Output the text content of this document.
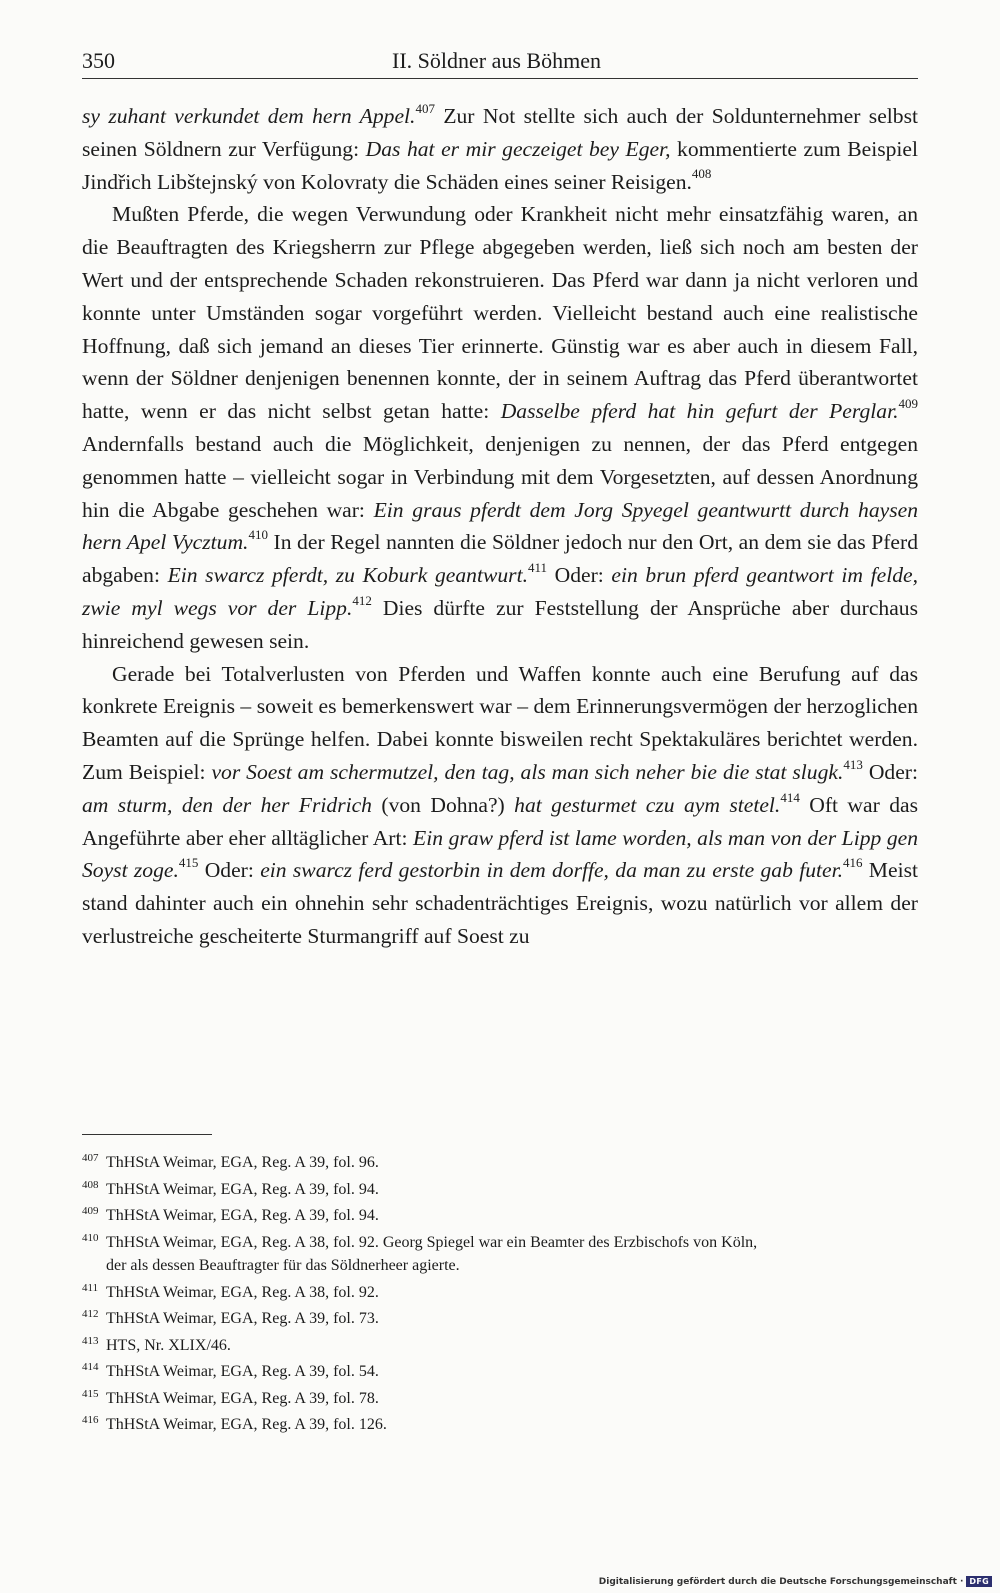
350	II. Söldner aus Böhmen

sy zuhant verkundet dem hern Appel.$^{407}$ Zur Not stellte sich auch der Soldunternehmer selbst seinen Söldnern zur Verfügung: Das hat er mir geczeiget bey Eger, kommentierte zum Beispiel Jindřich Libštejnský von Kolovraty die Schäden eines seiner Reisigen.$^{408}$

Mußten Pferde, die wegen Verwundung oder Krankheit nicht mehr einsatzfähig waren, an die Beauftragten des Kriegsherrn zur Pflege abgegeben werden, ließ sich noch am besten der Wert und der entsprechende Schaden rekonstruieren. Das Pferd war dann ja nicht verloren und konnte unter Umständen sogar vorgeführt werden. Vielleicht bestand auch eine realistische Hoffnung, daß sich jemand an dieses Tier erinnerte. Günstig war es aber auch in diesem Fall, wenn der Söldner denjenigen benennen konnte, der in seinem Auftrag das Pferd überantwortet hatte, wenn er das nicht selbst getan hatte: Dasselbe pferd hat hin gefurt der Perglar.$^{409}$ Andernfalls bestand auch die Möglichkeit, denjenigen zu nennen, der das Pferd entgegen genommen hatte – vielleicht sogar in Verbindung mit dem Vorgesetzten, auf dessen Anordnung hin die Abgabe geschehen war: Ein graus pferdt dem Jorg Spyegel geantwurtt durch haysen hern Apel Vycztum.$^{410}$ In der Regel nannten die Söldner jedoch nur den Ort, an dem sie das Pferd abgaben: Ein swarcz pferdt, zu Koburk geantwurt.$^{411}$ Oder: ein brun pferd geantwort im felde, zwie myl wegs vor der Lipp.$^{412}$ Dies dürfte zur Feststellung der Ansprüche aber durchaus hinreichend gewesen sein.

Gerade bei Totalverlusten von Pferden und Waffen konnte auch eine Berufung auf das konkrete Ereignis – soweit es bemerkenswert war – dem Erinnerungsvermögen der herzoglichen Beamten auf die Sprünge helfen. Dabei konnte bisweilen recht Spektakuläres berichtet werden. Zum Beispiel: vor Soest am schermutzel, den tag, als man sich neher bie die stat slugk.$^{413}$ Oder: am sturm, den der her Fridrich (von Dohna?) hat gesturmet czu aym stetel.$^{414}$ Oft war das Angeführte aber eher alltäglicher Art: Ein graw pferd ist lame worden, als man von der Lipp gen Soyst zoge.$^{415}$ Oder: ein swarcz ferd gestorbin in dem dorffe, da man zu erste gab futer.$^{416}$ Meist stand dahinter auch ein ohnehin sehr schadenträchtiges Ereignis, wozu natürlich vor allem der verlustreiche gescheiterte Sturmangriff auf Soest zu

407 ThHStA Weimar, EGA, Reg. A 39, fol. 96.
408 ThHStA Weimar, EGA, Reg. A 39, fol. 94.
409 ThHStA Weimar, EGA, Reg. A 39, fol. 94.
410 ThHStA Weimar, EGA, Reg. A 38, fol. 92. Georg Spiegel war ein Beamter des Erzbischofs von Köln,
der als dessen Beauftragter für das Söldnerheer agierte.
411 ThHStA Weimar, EGA, Reg. A 38, fol. 92.
412 ThHStA Weimar, EGA, Reg. A 39, fol. 73.
413 HTS, Nr. XLIX/46.
414 ThHStA Weimar, EGA, Reg. A 39, fol. 54.
415 ThHStA Weimar, EGA, Reg. A 39, fol. 78.
416 ThHStA Weimar, EGA, Reg. A 39, fol. 126.
Digitalisierung gefördert durch die Deutsche Forschungsgemeinschaft · DFG
